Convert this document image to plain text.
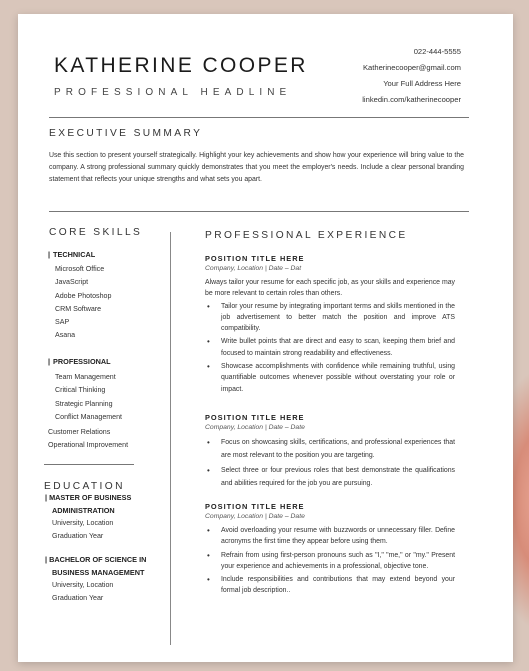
KATHERINE COOPER
PROFESSIONAL HEADLINE
022-444-5555
Katherinecooper@gmail.com
Your Full Address Here
linkedin.com/katherinecooper
EXECUTIVE SUMMARY
Use this section to present yourself strategically. Highlight your key achievements and show how your experience will bring value to the company. A strong professional summary quickly demonstrates that you meet the employer's needs. Include a clear personal branding statement that reflects your unique strengths and what sets you apart.
CORE SKILLS
| TECHNICAL
Microsoft Office
JavaScript
Adobe Photoshop
CRM Software
SAP
Asana
| PROFESSIONAL
Team Management
Critical Thinking
Strategic Planning
Conflict Management
Customer Relations
Operational Improvement
EDUCATION
| MASTER OF BUSINESS
ADMINISTRATION
University, Location
Graduation Year
| BACHELOR OF SCIENCE IN
BUSINESS MANAGEMENT
University, Location
Graduation Year
PROFESSIONAL EXPERIENCE
POSITION TITLE HERE
Company, Location | Date – Dat
Always tailor your resume for each specific job, as your skills and experience may be more relevant to certain roles than others.
• Tailor your resume by integrating important terms and skills mentioned in the job advertisement to better match the position and improve ATS compatibility.
• Write bullet points that are direct and easy to scan, keeping them brief and focused to maintain strong readability and effectiveness.
• Showcase accomplishments with confidence while remaining truthful, using quantifiable outcomes whenever possible without overstating your role or impact.
POSITION TITLE HERE
Company, Location | Date – Date
• Focus on showcasing skills, certifications, and professional experiences that are most relevant to the position you are targeting.
• Select three or four previous roles that best demonstrate the qualifications and abilities required for the job you are pursuing.
POSITION TITLE HERE
Company, Location | Date – Date
• Avoid overloading your resume with buzzwords or unnecessary filler. Define acronyms the first time they appear before using them.
• Refrain from using first-person pronouns such as "I," "me," or "my." Present your experience and achievements in a professional, objective tone.
• Include responsibilities and contributions that may extend beyond your formal job description..
